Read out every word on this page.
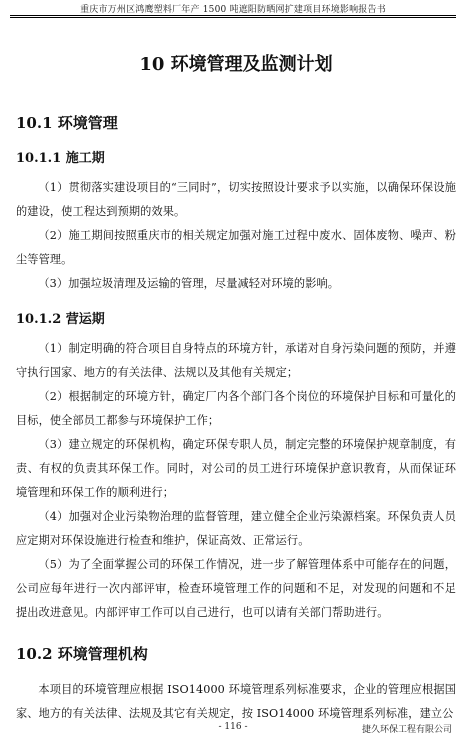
重庆市万州区鸿鹰塑料厂年产 1500 吨遮阳防晒网扩建项目环境影响报告书
10 环境管理及监测计划
10.1 环境管理
10.1.1 施工期

（1）贯彻落实建设项目的“三同时”，切实按照设计要求予以实施，以确保环保设施的建设，使工程达到预期的效果。

（2）施工期间按照重庆市的相关规定加强对施工过程中废水、固体废物、噪声、粉尘等管理。

（3）加强垃圾清理及运输的管理，尽量减轻对环境的影响。

10.1.2 营运期

（1）制定明确的符合项目自身特点的环境方针，承诺对自身污染问题的预防，并遵守执行国家、地方的有关法律、法规以及其他有关规定；

（2）根据制定的环境方针，确定厂内各个部门各个岗位的环境保护目标和可量化的目标，使全部员工都参与环境保护工作；

（3）建立规定的环保机构，确定环保专职人员，制定完整的环境保护规章制度，有责、有权的负责其环保工作。同时，对公司的员工进行环境保护意识教育，从而保证环境管理和环保工作的顺利进行；

（4）加强对企业污染物治理的监督管理，建立健全企业污染源档案。环保负责人员应定期对环保设施进行检查和维护，保证高效、正常运行。

（5）为了全面掌握公司的环保工作情况，进一步了解管理体系中可能存在的问题，公司应每年进行一次内部评审，检查环境管理工作的问题和不足，对发现的问题和不足提出改进意见。内部评审工作可以自己进行，也可以请有关部门帮助进行。

10.2 环境管理机构

本项目的环境管理应根据 ISO14000 环境管理系列标准要求，企业的管理应根据国家、地方的有关法律、法规及其它有关规定，按 ISO14000 环境管理系列标准，建立公

- 116 -	捷久环保工程有限公司
